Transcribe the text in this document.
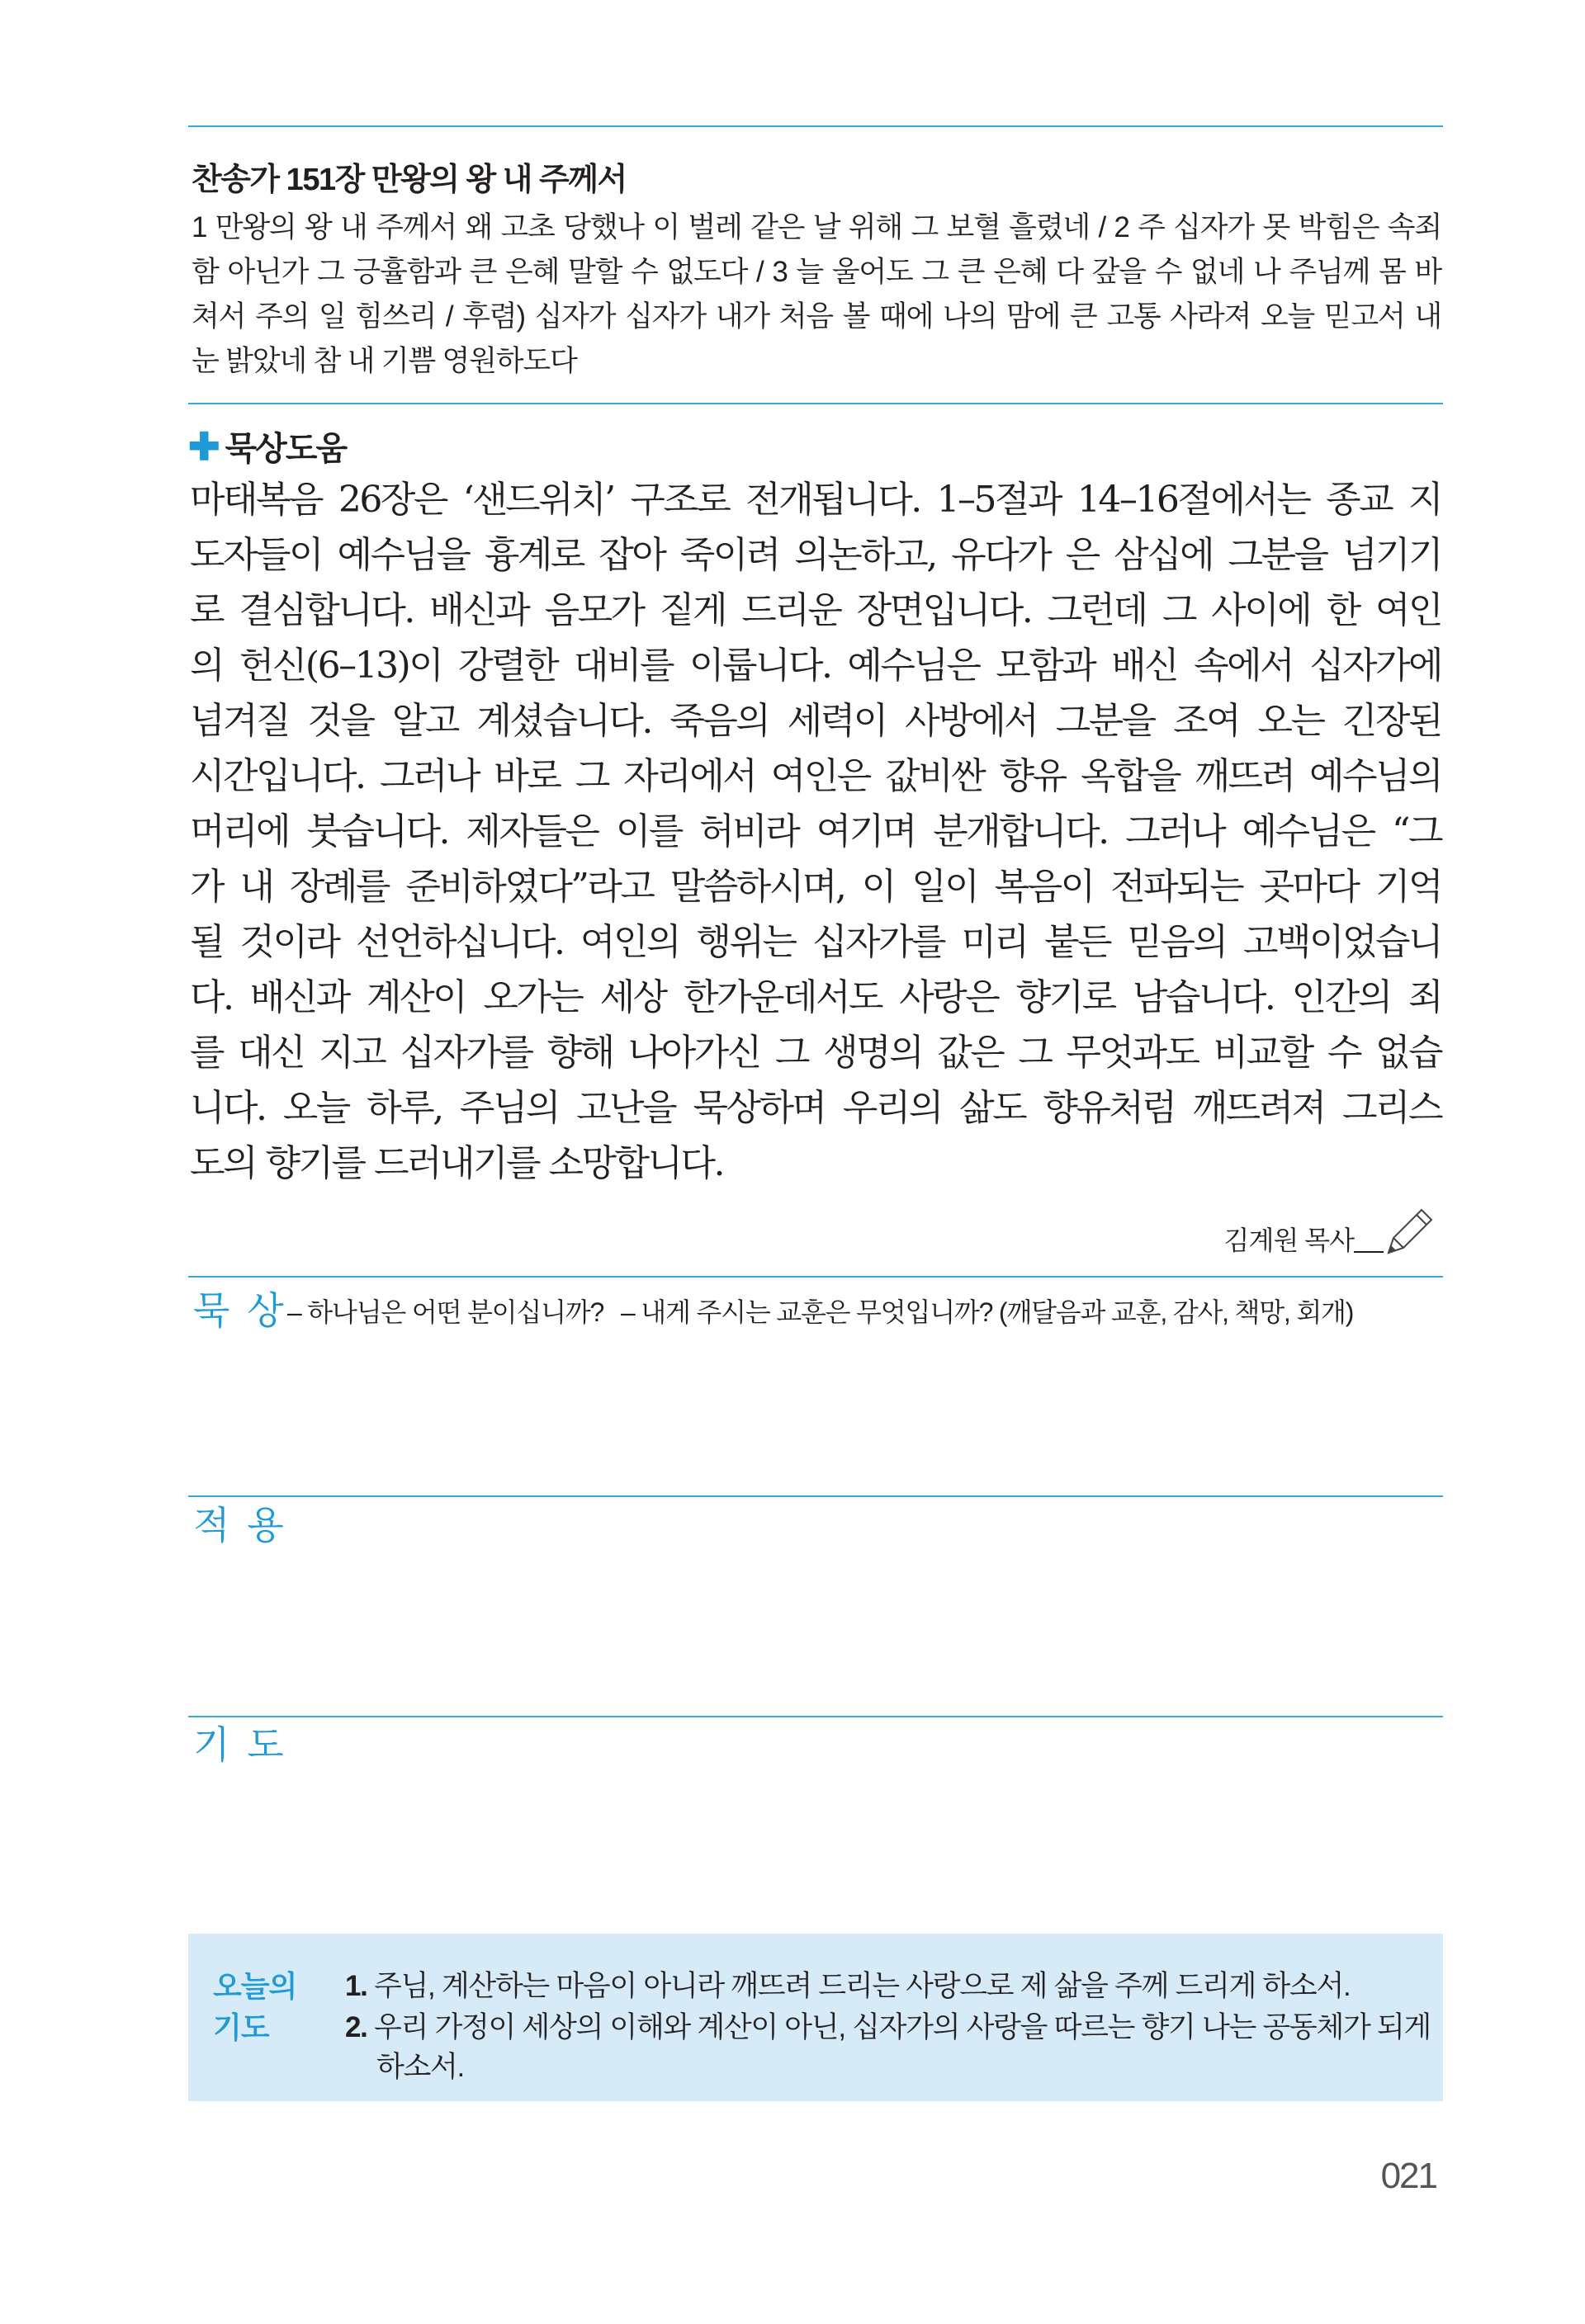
찬송가 151장 만왕의 왕 내 주께서
1 만왕의 왕 내 주께서 왜 고초 당했나 이 벌레 같은 날 위해 그 보혈 흘렸네 / 2 주 십자가 못 박힘은 속죄
함 아닌가 그 긍휼함과 큰 은혜 말할 수 없도다 / 3 늘 울어도 그 큰 은혜 다 갚을 수 없네 나 주님께 몸 바
쳐서 주의 일 힘쓰리 / 후렴) 십자가 십자가 내가 처음 볼 때에 나의 맘에 큰 고통 사라져 오늘 믿고서 내
눈 밝았네 참 내 기쁨 영원하도다
✚ 묵상도움
마태복음 26장은 ‘샌드위치’ 구조로 전개됩니다. 1–5절과 14–16절에서는 종교 지
도자들이 예수님을 흉계로 잡아 죽이려 의논하고, 유다가 은 삼십에 그분을 넘기기
로 결심합니다. 배신과 음모가 짙게 드리운 장면입니다. 그런데 그 사이에 한 여인
의 헌신(6–13)이 강렬한 대비를 이룹니다. 예수님은 모함과 배신 속에서 십자가에
넘겨질 것을 알고 계셨습니다. 죽음의 세력이 사방에서 그분을 조여 오는 긴장된
시간입니다. 그러나 바로 그 자리에서 여인은 값비싼 향유 옥합을 깨뜨려 예수님의
머리에 붓습니다. 제자들은 이를 허비라 여기며 분개합니다. 그러나 예수님은 “그
가 내 장례를 준비하였다”라고 말씀하시며, 이 일이 복음이 전파되는 곳마다 기억
될 것이라 선언하십니다. 여인의 행위는 십자가를 미리 붙든 믿음의 고백이었습니
다. 배신과 계산이 오가는 세상 한가운데서도 사랑은 향기로 남습니다. 인간의 죄
를 대신 지고 십자가를 향해 나아가신 그 생명의 값은 그 무엇과도 비교할 수 없습
니다. 오늘 하루, 주님의 고난을 묵상하며 우리의 삶도 향유처럼 깨뜨려져 그리스
도의 향기를 드러내기를 소망합니다.
김계원 목사
묵 상 – 하나님은 어떤 분이십니까? – 내게 주시는 교훈은 무엇입니까? (깨달음과 교훈, 감사, 책망, 회개)
적 용
기 도
오늘의
기도
1. 주님, 계산하는 마음이 아니라 깨뜨려 드리는 사랑으로 제 삶을 주께 드리게 하소서.
2. 우리 가정이 세상의 이해와 계산이 아닌, 십자가의 사랑을 따르는 향기 나는 공동체가 되게
하소서.
021
